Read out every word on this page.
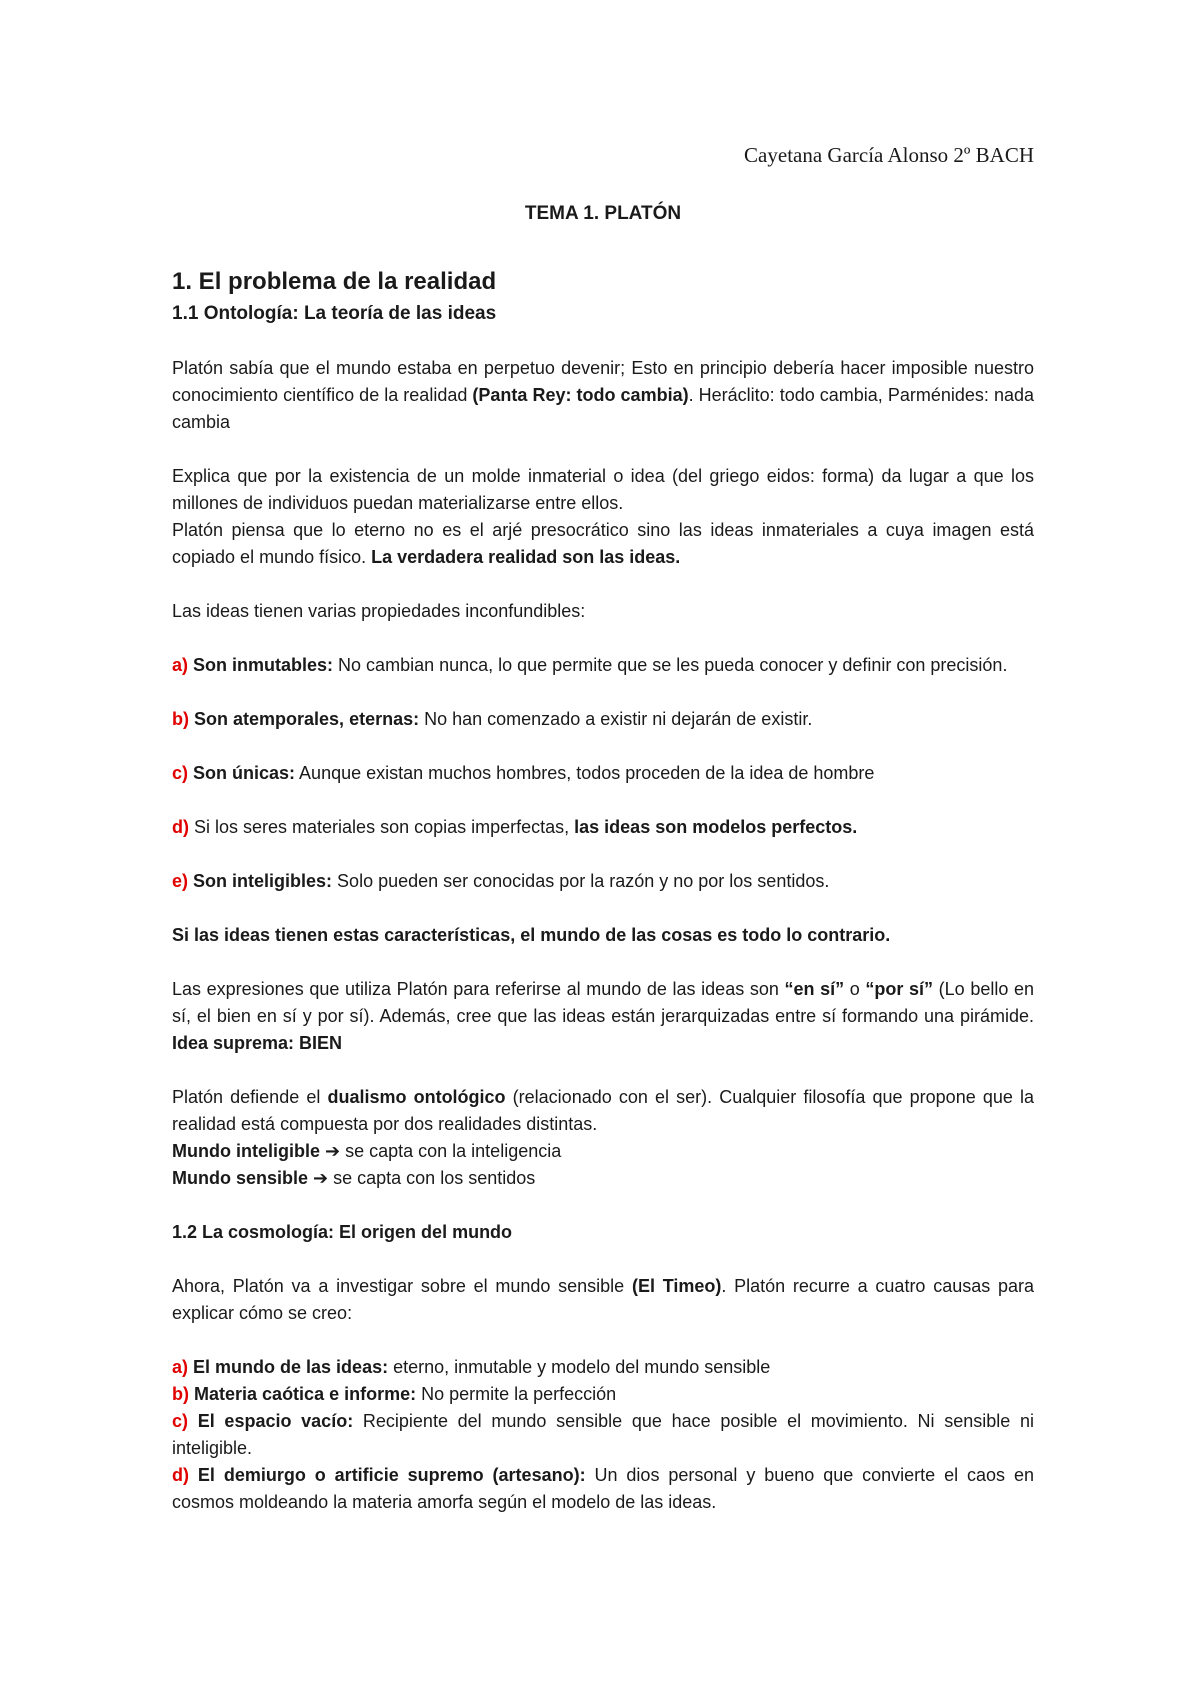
Cayetana García Alonso 2º BACH
TEMA 1. PLATÓN
1. El problema de la realidad
1.1 Ontología: La teoría de las ideas

Platón sabía que el mundo estaba en perpetuo devenir; Esto en principio debería hacer imposible nuestro conocimiento científico de la realidad (Panta Rey: todo cambia). Heráclito: todo cambia, Parménides: nada cambia

Explica que por la existencia de un molde inmaterial o idea (del griego eidos: forma) da lugar a que los millones de individuos puedan materializarse entre ellos.

Platón piensa que lo eterno no es el arjé presocrático sino las ideas inmateriales a cuya imagen está copiado el mundo físico. La verdadera realidad son las ideas.

Las ideas tienen varias propiedades inconfundibles:

a) Son inmutables: No cambian nunca, lo que permite que se les pueda conocer y definir con precisión.

b) Son atemporales, eternas: No han comenzado a existir ni dejarán de existir.

c) Son únicas: Aunque existan muchos hombres, todos proceden de la idea de hombre

d) Si los seres materiales son copias imperfectas, las ideas son modelos perfectos.

e) Son inteligibles: Solo pueden ser conocidas por la razón y no por los sentidos.

Si las ideas tienen estas características, el mundo de las cosas es todo lo contrario.

Las expresiones que utiliza Platón para referirse al mundo de las ideas son “en sí” o “por sí” (Lo bello en sí, el bien en sí y por sí). Además, cree que las ideas están jerarquizadas entre sí formando una pirámide. Idea suprema: BIEN

Platón defiende el dualismo ontológico (relacionado con el ser). Cualquier filosofía que propone que la realidad está compuesta por dos realidades distintas.

Mundo inteligible ➔ se capta con la inteligencia

Mundo sensible ➔ se capta con los sentidos

1.2 La cosmología: El origen del mundo

Ahora, Platón va a investigar sobre el mundo sensible (El Timeo). Platón recurre a cuatro causas para explicar cómo se creo:

a) El mundo de las ideas: eterno, inmutable y modelo del mundo sensible

b) Materia caótica e informe: No permite la perfección

c) El espacio vacío: Recipiente del mundo sensible que hace posible el movimiento. Ni sensible ni inteligible.

d) El demiurgo o artificie supremo (artesano): Un dios personal y bueno que convierte el caos en cosmos moldeando la materia amorfa según el modelo de las ideas.
